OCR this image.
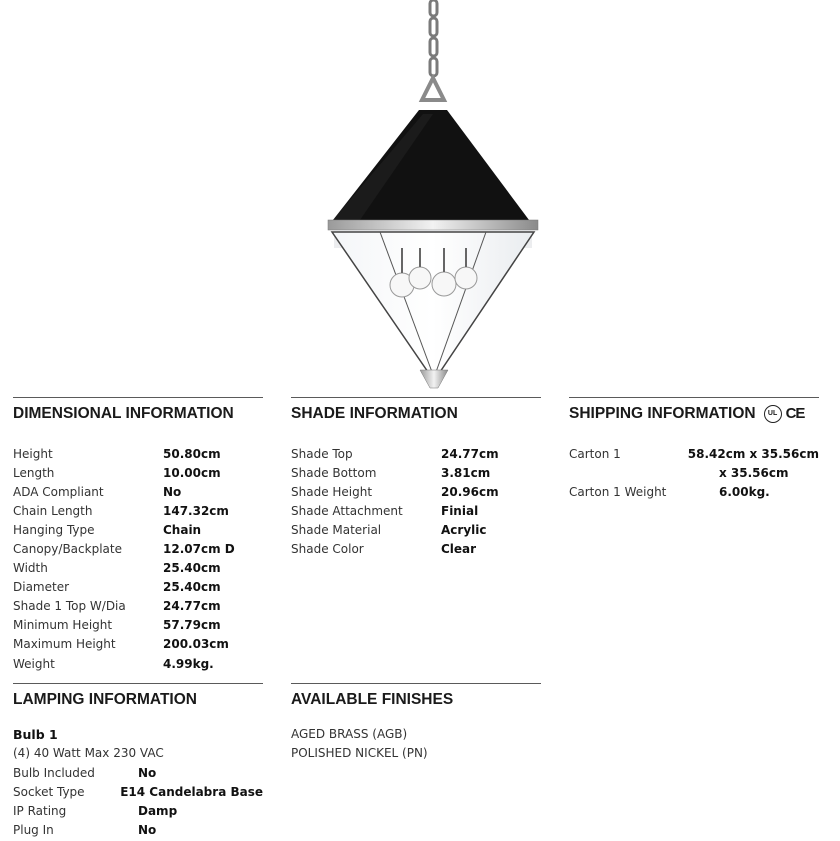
DIMENSIONAL INFORMATION
Height	50.80cm
Length	10.00cm
ADA Compliant	No
Chain Length	147.32cm
Hanging Type	Chain
Canopy/Backplate	12.07cm D
Width	25.40cm
Diameter	25.40cm
Shade 1 Top W/Dia	24.77cm
Minimum Height	57.79cm
Maximum Height	200.03cm
Weight	4.99kg.
SHADE INFORMATION
Shade Top	24.77cm
Shade Bottom	3.81cm
Shade Height	20.96cm
Shade Attachment	Finial
Shade Material	Acrylic
Shade Color	Clear
SHIPPING INFORMATION	UL CE
Carton 1	58.42cm x 35.56cm
x 35.56cm
Carton 1 Weight	6.00kg.
LAMPING INFORMATION
Bulb 1
(4) 40 Watt Max 230 VAC
Bulb Included	No
Socket Type	E14 Candelabra Base
IP Rating	Damp
Plug In	No
AVAILABLE FINISHES
AGED BRASS (AGB)
POLISHED NICKEL (PN)
